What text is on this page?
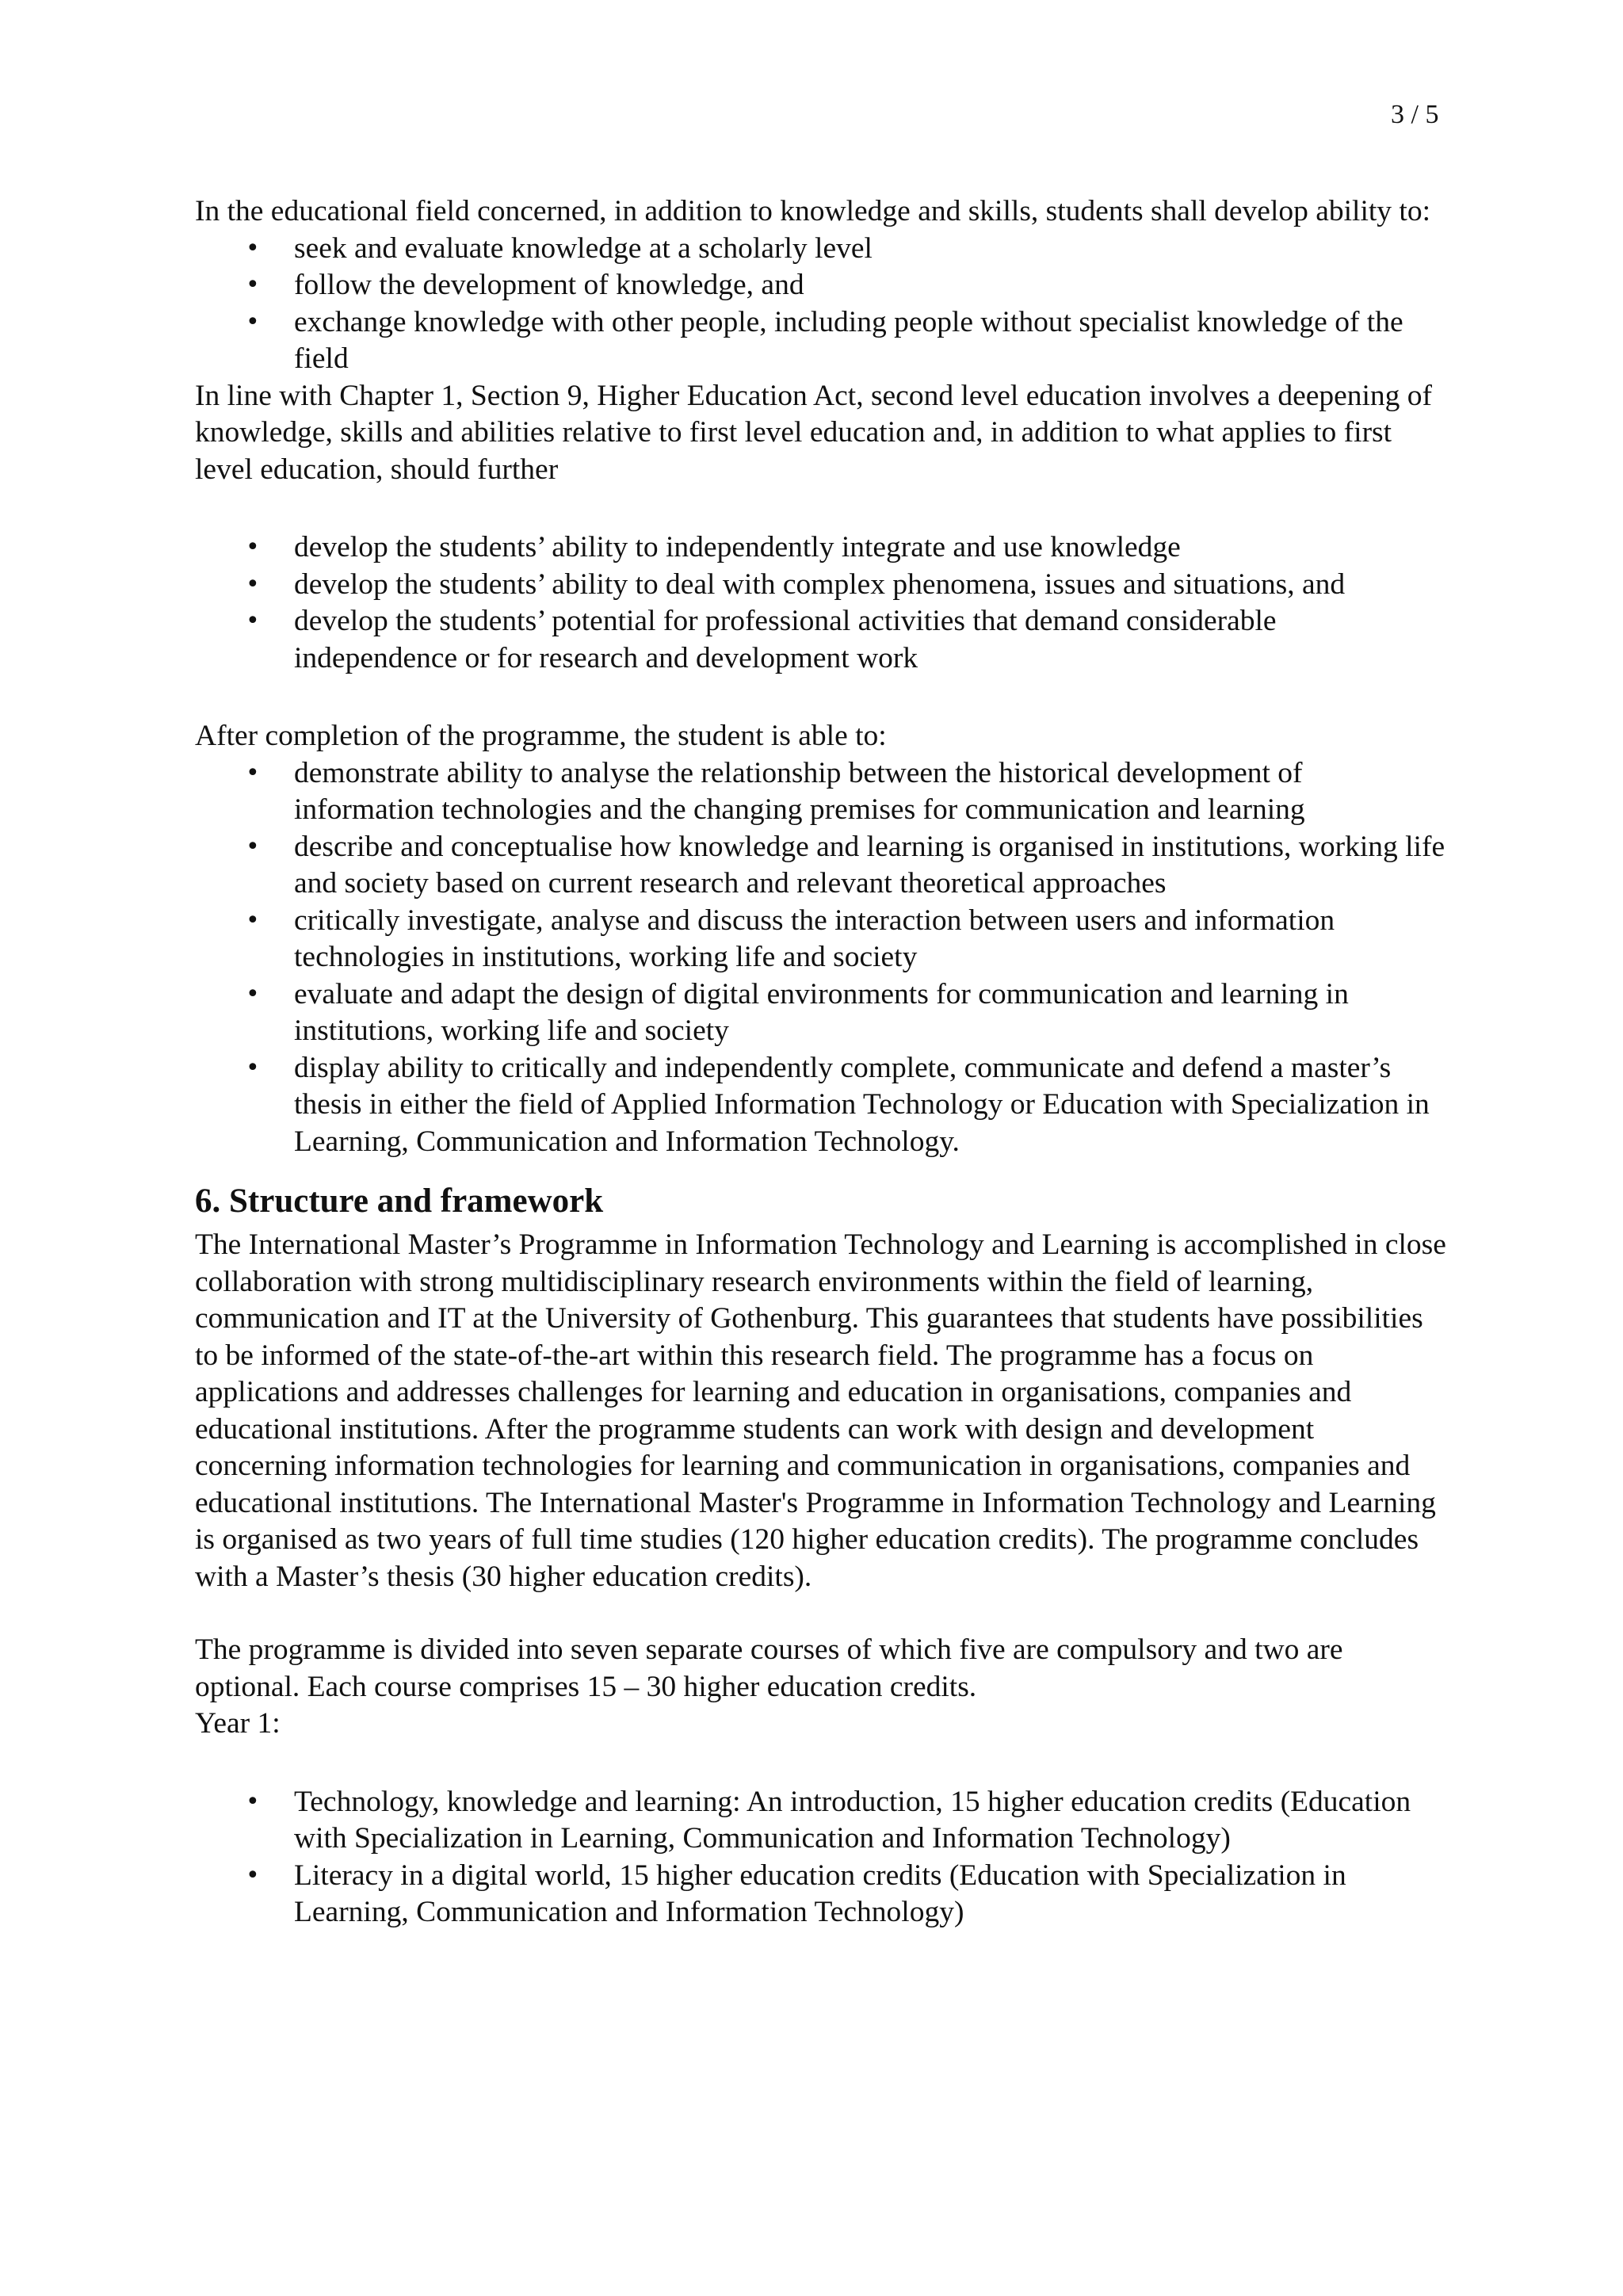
3 / 5

In the educational field concerned, in addition to knowledge and skills, students shall develop ability to:

• seek and evaluate knowledge at a scholarly level
• follow the development of knowledge, and
• exchange knowledge with other people, including people without specialist knowledge of the field

In line with Chapter 1, Section 9, Higher Education Act, second level education involves a deepening of knowledge, skills and abilities relative to first level education and, in addition to what applies to first level education, should further

• develop the students’ ability to independently integrate and use knowledge
• develop the students’ ability to deal with complex phenomena, issues and situations, and
• develop the students’ potential for professional activities that demand considerable independence or for research and development work

After completion of the programme, the student is able to:

• demonstrate ability to analyse the relationship between the historical development of information technologies and the changing premises for communication and learning
• describe and conceptualise how knowledge and learning is organised in institutions, working life and society based on current research and relevant theoretical approaches
• critically investigate, analyse and discuss the interaction between users and information technologies in institutions, working life and society
• evaluate and adapt the design of digital environments for communication and learning in institutions, working life and society
• display ability to critically and independently complete, communicate and defend a master’s thesis in either the field of Applied Information Technology or Education with Specialization in Learning, Communication and Information Technology.
6. Structure and framework

The International Master’s Programme in Information Technology and Learning is accomplished in close collaboration with strong multidisciplinary research environments within the field of learning, communication and IT at the University of Gothenburg. This guarantees that students have possibilities to be informed of the state-of-the-art within this research field. The programme has a focus on applications and addresses challenges for learning and education in organisations, companies and educational institutions. After the programme students can work with design and development concerning information technologies for learning and communication in organisations, companies and educational institutions. The International Master's Programme in Information Technology and Learning is organised as two years of full time studies (120 higher education credits). The programme concludes with a Master’s thesis (30 higher education credits).

The programme is divided into seven separate courses of which five are compulsory and two are optional. Each course comprises 15 – 30 higher education credits.

Year 1:

• Technology, knowledge and learning: An introduction, 15 higher education credits (Education with Specialization in Learning, Communication and Information Technology)
• Literacy in a digital world, 15 higher education credits (Education with Specialization in Learning, Communication and Information Technology)
